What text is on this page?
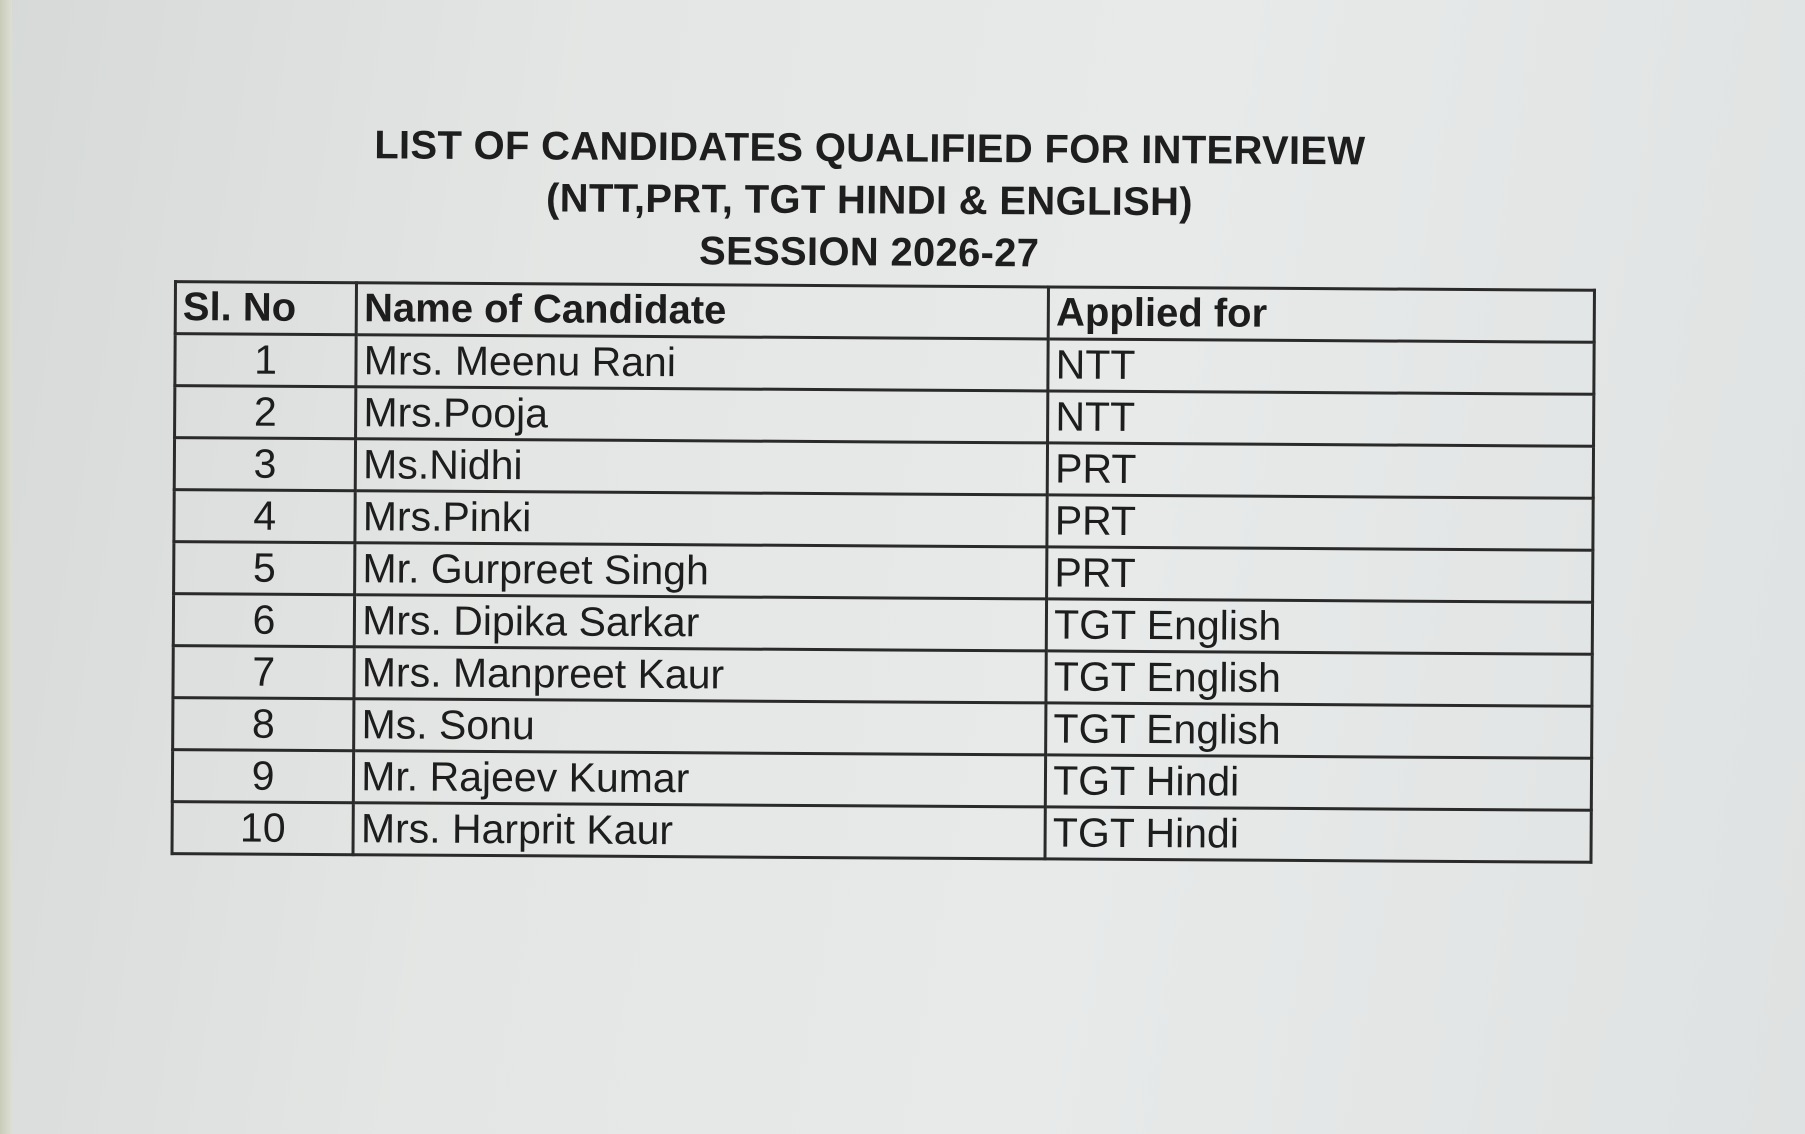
LIST OF CANDIDATES QUALIFIED FOR INTERVIEW
(NTT,PRT, TGT HINDI & ENGLISH)
SESSION 2026-27
Sl. No	Name of Candidate	Applied for
1	Mrs. Meenu Rani	NTT
2	Mrs.Pooja	NTT
3	Ms.Nidhi	PRT
4	Mrs.Pinki	PRT
5	Mr. Gurpreet Singh	PRT
6	Mrs. Dipika Sarkar	TGT English
7	Mrs. Manpreet Kaur	TGT English
8	Ms. Sonu	TGT English
9	Mr. Rajeev Kumar	TGT Hindi
10	Mrs. Harprit Kaur	TGT Hindi
